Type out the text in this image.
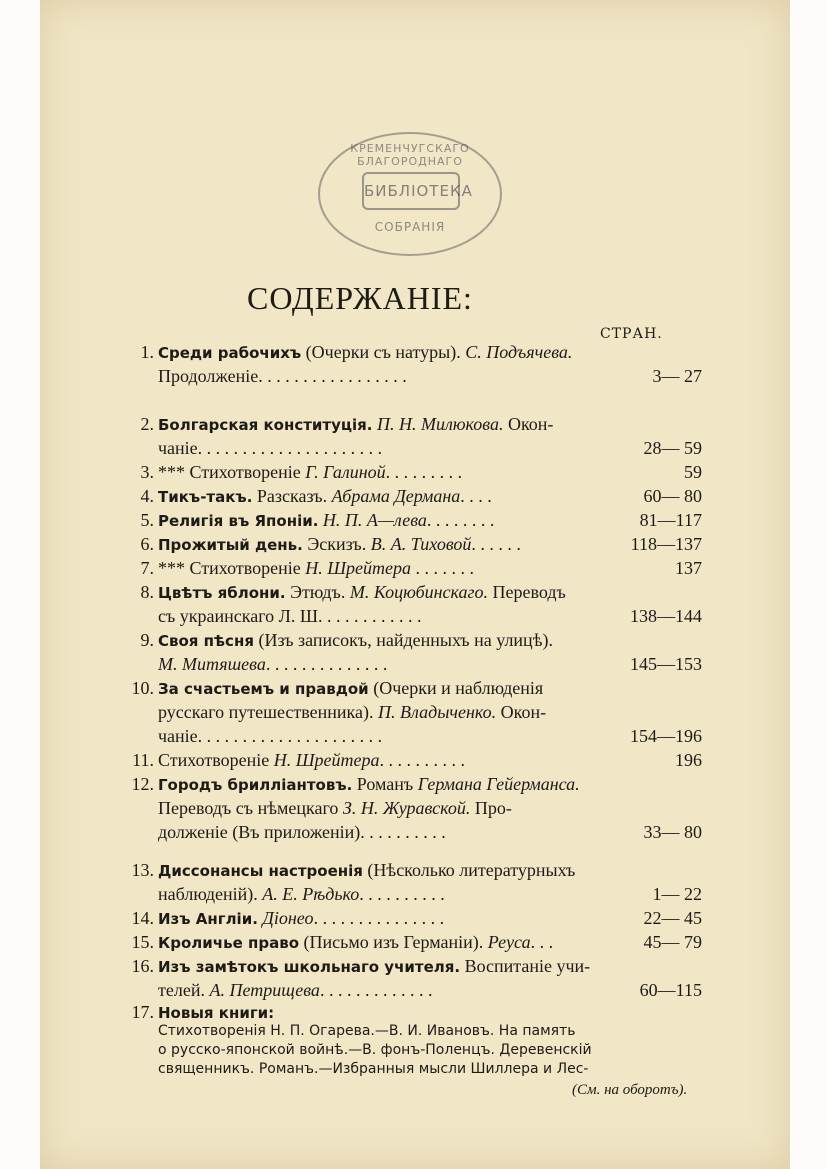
КРЕМЕНЧУГСКАГО БЛАГОРОДНАГО
БИБЛІОТЕКА
СОБРАНІЯ
СОДЕРЖАНIЕ:
СТРАН.
1. Среди рабочихъ (Очерки съ натуры). С. Подъячева.
Продолженіе. . . . . . . . . . . . . . . . .	3— 27
2. Болгарская конституція. П. Н. Милюкова. Окон-
чаніе. . . . . . . . . . . . . . . . . . . . .	28— 59
3. *** Стихотвореніе Г. Галиной. . . . . . . . .	59
4. Тикъ-такъ. Разсказъ. Абрама Дермана. . . .	60— 80
5. Религія въ Японіи. Н. П. А—лева. . . . . . . .	81—117
6. Прожитый день. Эскизъ. В. А. Тиховой. . . . . .	118—137
7. *** Стихотвореніе Н. Шрейтера . . . . . . .	137
8. Цвѣтъ яблони. Этюдъ. М. Коцюбинскаго. Переводъ
съ украинскаго Л. Ш. . . . . . . . . . . .	138—144
9. Своя пѣсня (Изъ записокъ, найденныхъ на улицѣ).
М. Митяшева. . . . . . . . . . . . . .	145—153
10. За счастьемъ и правдой (Очерки и наблюденія
русскаго путешественника). П. Владыченко. Окон-
чаніе. . . . . . . . . . . . . . . . . . . . .	154—196
11. Стихотвореніе Н. Шрейтера. . . . . . . . . .	196
12. Городъ бриллiантовъ. Романъ Германа Гейерманса.
Переводъ съ нѣмецкаго З. Н. Журавской. Про-
долженіе (Въ приложеніи). . . . . . . . . .	33— 80
13. Диссонансы настроенiя (Нѣсколько литературныхъ
наблюденій). А. Е. Рѣдько. . . . . . . . . .	1— 22
14. Изъ Англіи. Діонео. . . . . . . . . . . . . . .	22— 45
15. Кроличье право (Письмо изъ Германіи). Реуса. . .	45— 79
16. Изъ замѣтокъ школьнаго учителя. Воспитаніе учи-
телей. А. Петрищева. . . . . . . . . . . . .	60—115
17. Новыя книги:
Стихотворенія Н. П. Огарева.—В. И. Ивановъ. На память
о русско-японской войнѣ.—В. фонъ-Поленцъ. Деревенскій
священникъ. Романъ.—Избранныя мысли Шиллера и Лес-
(См. на оборотъ).
